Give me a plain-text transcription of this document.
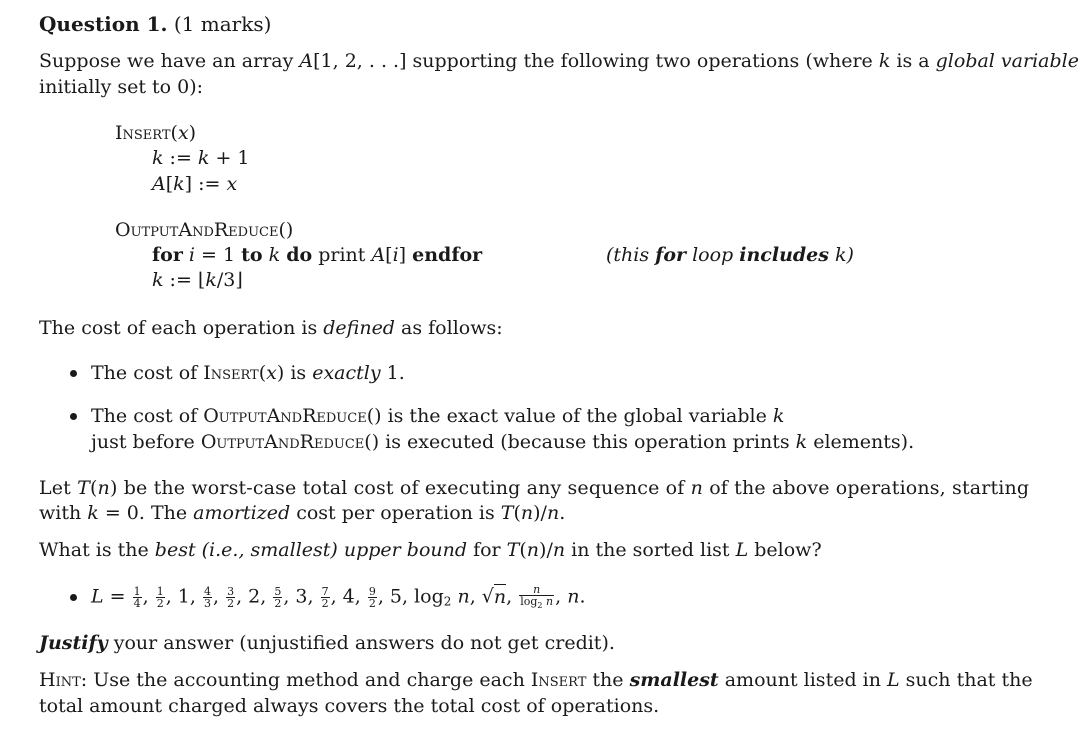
Question 1. (1 marks)
Suppose we have an array A[1, 2, . . .] supporting the following two operations (where k is a global variable
initially set to 0):
Insert(x)
k := k + 1
A[k] := x
OutputAndReduce()
for i = 1 to k do print A[i] endfor	(this for loop includes k)
k := ⌊k/3⌋
The cost of each operation is defined as follows:
The cost of Insert(x) is exactly 1.
The cost of OutputAndReduce() is the exact value of the global variable k
just before OutputAndReduce() is executed (because this operation prints k elements).
Let T(n) be the worst-case total cost of executing any sequence of n of the above operations, starting
with k = 0. The amortized cost per operation is T(n)/n.
What is the best (i.e., smallest) upper bound for T(n)/n in the sorted list L below?
$L = \frac{1}{4}$ , $\frac{1}{2}$ , 1, $\frac{4}{3}$ , $\frac{3}{2}$ , 2, $\frac{5}{2}$ , 3, $\frac{7}{2}$ , 4, $\frac{9}{2}$ , 5, $\log_2 n$, √n, $\frac{n}{\log_2 n}$ , n.
Justify your answer (unjustified answers do not get credit).
Hint: Use the accounting method and charge each Insert the smallest amount listed in L such that the
total amount charged always covers the total cost of operations.
